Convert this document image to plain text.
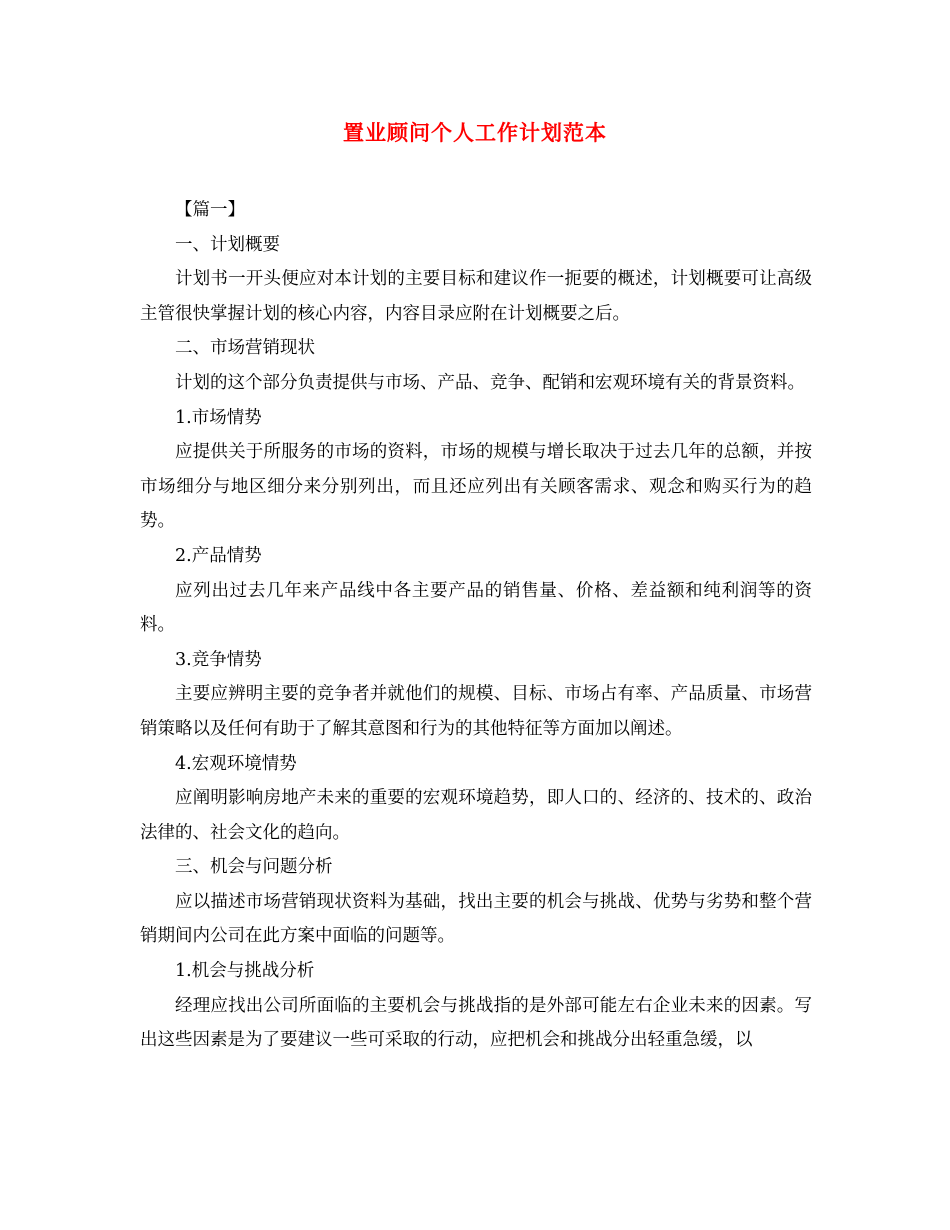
置业顾问个人工作计划范本

【篇一】

一、计划概要

计划书一开头便应对本计划的主要目标和建议作一扼要的概述，计划概要可让高级主管很快掌握计划的核心内容，内容目录应附在计划概要之后。

二、市场营销现状

计划的这个部分负责提供与市场、产品、竞争、配销和宏观环境有关的背景资料。

1.市场情势

应提供关于所服务的市场的资料，市场的规模与增长取决于过去几年的总额，并按市场细分与地区细分来分别列出，而且还应列出有关顾客需求、观念和购买行为的趋势。

2.产品情势

应列出过去几年来产品线中各主要产品的销售量、价格、差益额和纯利润等的资料。

3.竞争情势

主要应辨明主要的竞争者并就他们的规模、目标、市场占有率、产品质量、市场营销策略以及任何有助于了解其意图和行为的其他特征等方面加以阐述。

4.宏观环境情势

应阐明影响房地产未来的重要的宏观环境趋势，即人口的、经济的、技术的、政治法律的、社会文化的趋向。

三、机会与问题分析

应以描述市场营销现状资料为基础，找出主要的机会与挑战、优势与劣势和整个营销期间内公司在此方案中面临的问题等。

1.机会与挑战分析

经理应找出公司所面临的主要机会与挑战指的是外部可能左右企业未来的因素。写出这些因素是为了要建议一些可采取的行动，应把机会和挑战分出轻重急缓，以
